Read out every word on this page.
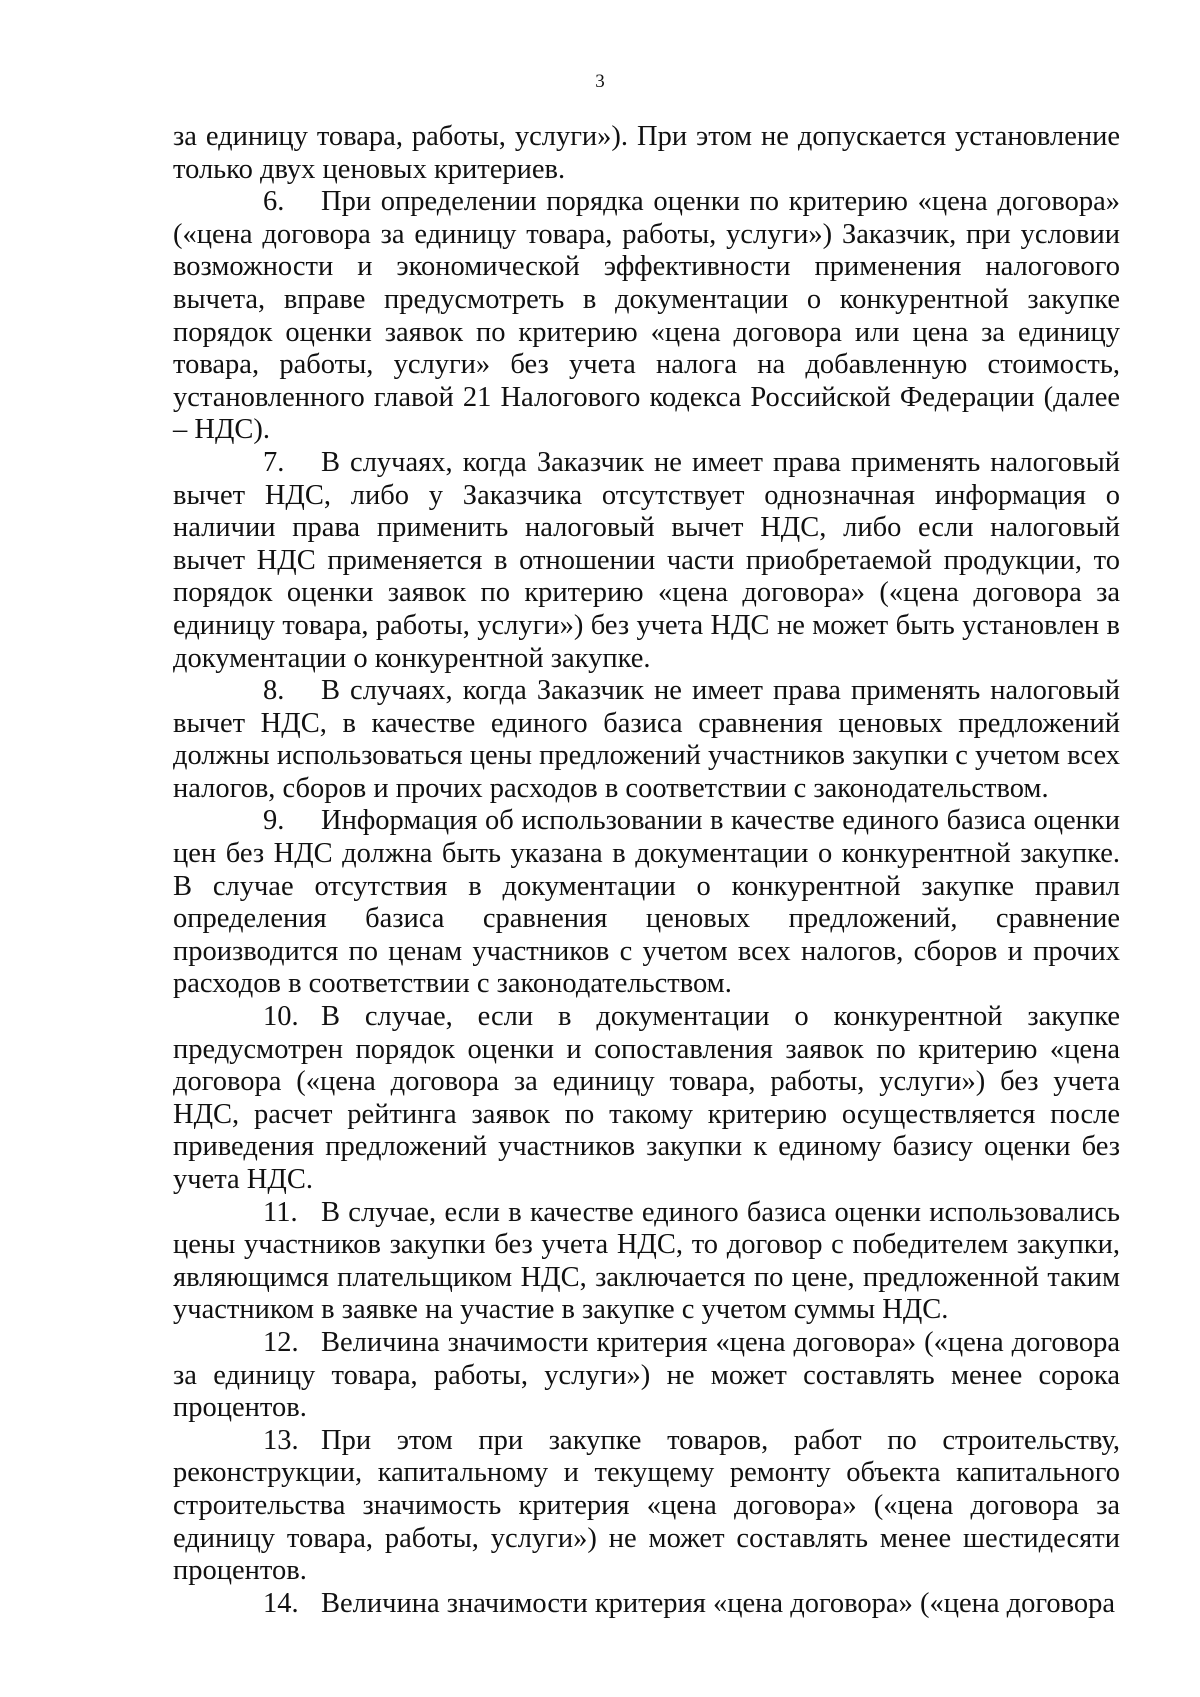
3

за единицу товара, работы, услуги»). При этом не допускается установление только двух ценовых критериев.

6. При определении порядка оценки по критерию «цена договора» («цена договора за единицу товара, работы, услуги») Заказчик, при условии возможности и экономической эффективности применения налогового вычета, вправе предусмотреть в документации о конкурентной закупке порядок оценки заявок по критерию «цена договора или цена за единицу товара, работы, услуги» без учета налога на добавленную стоимость, установленного главой 21 Налогового кодекса Российской Федерации (далее – НДС).

7. В случаях, когда Заказчик не имеет права применять налоговый вычет НДС, либо у Заказчика отсутствует однозначная информация о наличии права применить налоговый вычет НДС, либо если налоговый вычет НДС применяется в отношении части приобретаемой продукции, то порядок оценки заявок по критерию «цена договора» («цена договора за единицу товара, работы, услуги») без учета НДС не может быть установлен в документации о конкурентной закупке.

8. В случаях, когда Заказчик не имеет права применять налоговый вычет НДС, в качестве единого базиса сравнения ценовых предложений должны использоваться цены предложений участников закупки с учетом всех налогов, сборов и прочих расходов в соответствии с законодательством.

9. Информация об использовании в качестве единого базиса оценки цен без НДС должна быть указана в документации о конкурентной закупке. В случае отсутствия в документации о конкурентной закупке правил определения базиса сравнения ценовых предложений, сравнение производится по ценам участников с учетом всех налогов, сборов и прочих расходов в соответствии с законодательством.

10. В случае, если в документации о конкурентной закупке предусмотрен порядок оценки и сопоставления заявок по критерию «цена договора («цена договора за единицу товара, работы, услуги») без учета НДС, расчет рейтинга заявок по такому критерию осуществляется после приведения предложений участников закупки к единому базису оценки без учета НДС.

11. В случае, если в качестве единого базиса оценки использовались цены участников закупки без учета НДС, то договор с победителем закупки, являющимся плательщиком НДС, заключается по цене, предложенной таким участником в заявке на участие в закупке с учетом суммы НДС.

12. Величина значимости критерия «цена договора» («цена договора за единицу товара, работы, услуги») не может составлять менее сорока процентов.

13. При этом при закупке товаров, работ по строительству, реконструкции, капитальному и текущему ремонту объекта капитального строительства значимость критерия «цена договора» («цена договора за единицу товара, работы, услуги») не может составлять менее шестидесяти процентов.

14. Величина значимости критерия «цена договора» («цена договора
